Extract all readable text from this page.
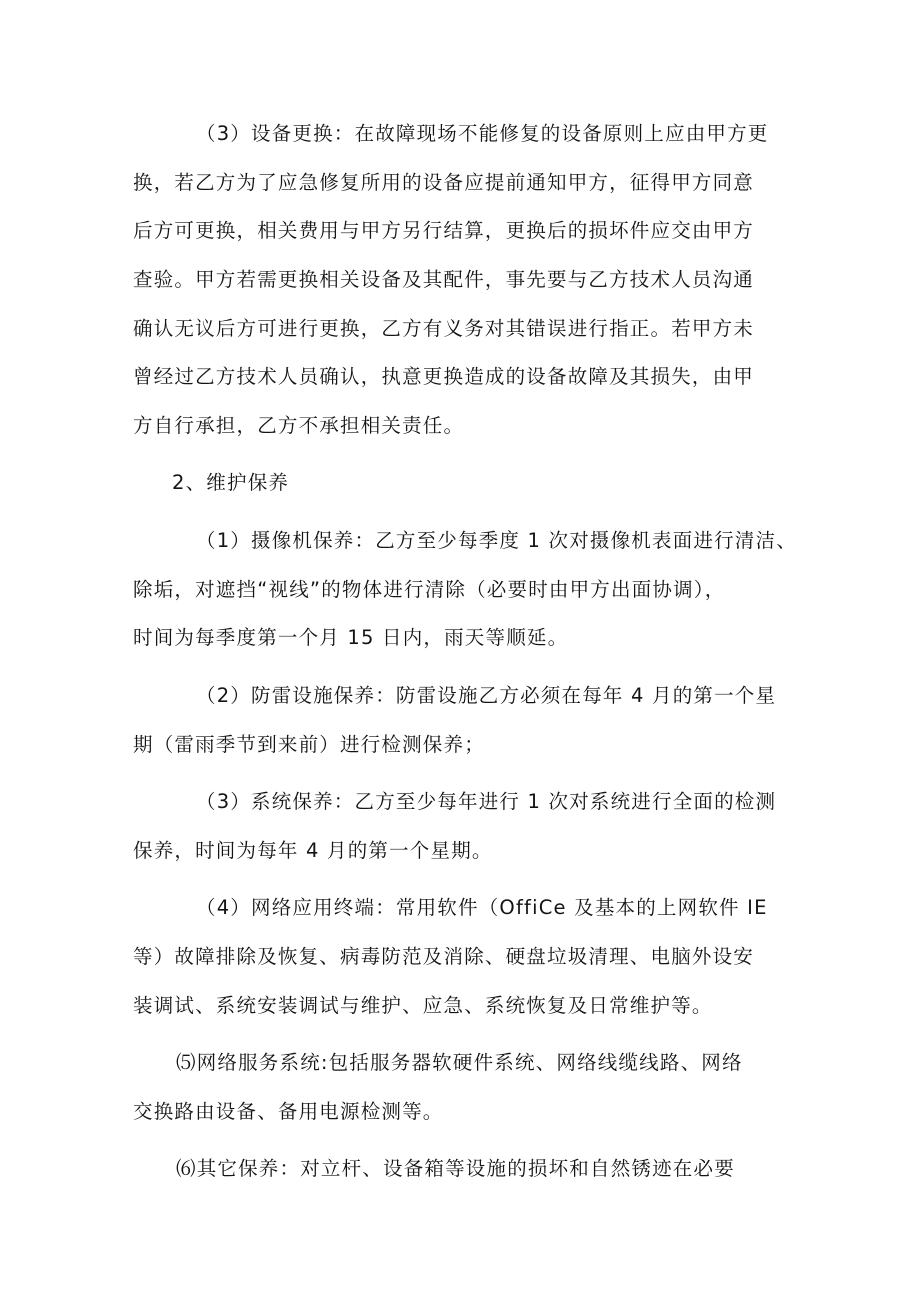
（3）设备更换：在故障现场不能修复的设备原则上应由甲方更
换，若乙方为了应急修复所用的设备应提前通知甲方，征得甲方同意
后方可更换，相关费用与甲方另行结算，更换后的损坏件应交由甲方
查验。甲方若需更换相关设备及其配件，事先要与乙方技术人员沟通
确认无议后方可进行更换，乙方有义务对其错误进行指正。若甲方未
曾经过乙方技术人员确认，执意更换造成的设备故障及其损失，由甲
方自行承担，乙方不承担相关责任。
2、维护保养
（1）摄像机保养：乙方至少每季度 1 次对摄像机表面进行清洁、
除垢，对遮挡“视线”的物体进行清除（必要时由甲方出面协调），
时间为每季度第一个月 15 日内，雨天等顺延。
（2）防雷设施保养：防雷设施乙方必须在每年 4 月的第一个星
期（雷雨季节到来前）进行检测保养；
（3）系统保养：乙方至少每年进行 1 次对系统进行全面的检测
保养，时间为每年 4 月的第一个星期。
（4）网络应用终端：常用软件（OffiCe 及基本的上网软件 IE
等）故障排除及恢复、病毒防范及消除、硬盘垃圾清理、电脑外设安
装调试、系统安装调试与维护、应急、系统恢复及日常维护等。
⑸网络服务系统:包括服务器软硬件系统、网络线缆线路、网络
交换路由设备、备用电源检测等。
⑹其它保养：对立杆、设备箱等设施的损坏和自然锈迹在必要
